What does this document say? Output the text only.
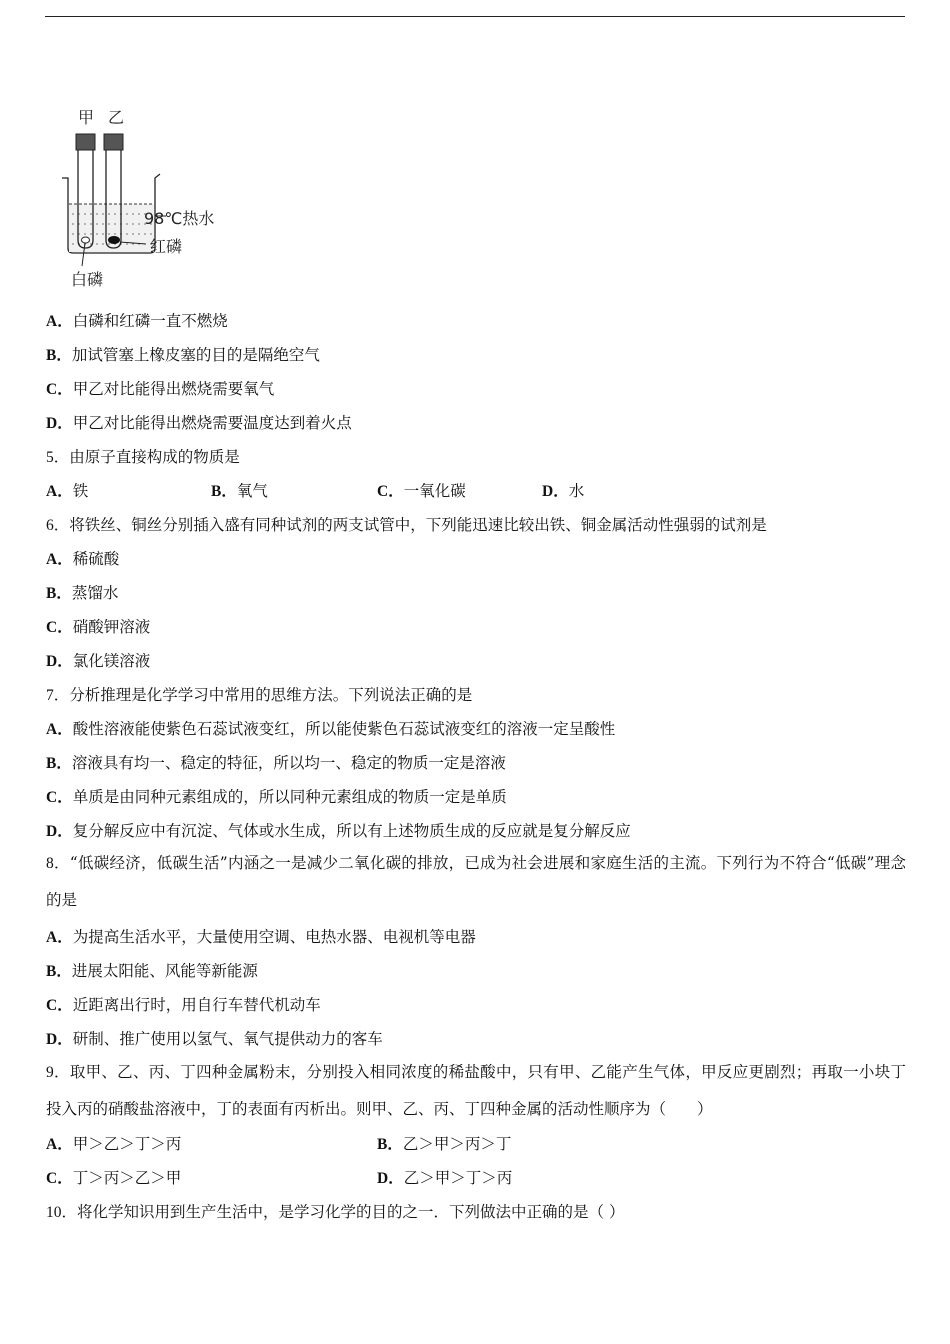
甲 乙
98℃热水
红磷
白磷
A．白磷和红磷一直不燃烧
B．加试管塞上橡皮塞的目的是隔绝空气
C．甲乙对比能得出燃烧需要氧气
D．甲乙对比能得出燃烧需要温度达到着火点
5．由原子直接构成的物质是
A．铁	B．氧气	C．一氧化碳	D．水
6．将铁丝、铜丝分别插入盛有同种试剂的两支试管中，下列能迅速比较出铁、铜金属活动性强弱的试剂是
A．稀硫酸
B．蒸馏水
C．硝酸钾溶液
D．氯化镁溶液
7．分析推理是化学学习中常用的思维方法。下列说法正确的是
A．酸性溶液能使紫色石蕊试液变红，所以能使紫色石蕊试液变红的溶液一定呈酸性
B．溶液具有均一、稳定的特征，所以均一、稳定的物质一定是溶液
C．单质是由同种元素组成的，所以同种元素组成的物质一定是单质
D．复分解反应中有沉淀、气体或水生成，所以有上述物质生成的反应就是复分解反应
8．“低碳经济，低碳生活”内涵之一是减少二氧化碳的排放，已成为社会进展和家庭生活的主流。下列行为不符合“低碳”理念的是
A．为提高生活水平，大量使用空调、电热水器、电视机等电器
B．进展太阳能、风能等新能源
C．近距离出行时，用自行车替代机动车
D．研制、推广使用以氢气、氧气提供动力的客车
9．取甲、乙、丙、丁四种金属粉末，分别投入相同浓度的稀盐酸中，只有甲、乙能产生气体，甲反应更剧烈；再取一小块丁投入丙的硝酸盐溶液中，丁的表面有丙析出。则甲、乙、丙、丁四种金属的活动性顺序为（　　）
A．甲＞乙＞丁＞丙	B．乙＞甲＞丙＞丁
C．丁＞丙＞乙＞甲	D．乙＞甲＞丁＞丙
10．将化学知识用到生产生活中，是学习化学的目的之一．下列做法中正确的是（ ）
